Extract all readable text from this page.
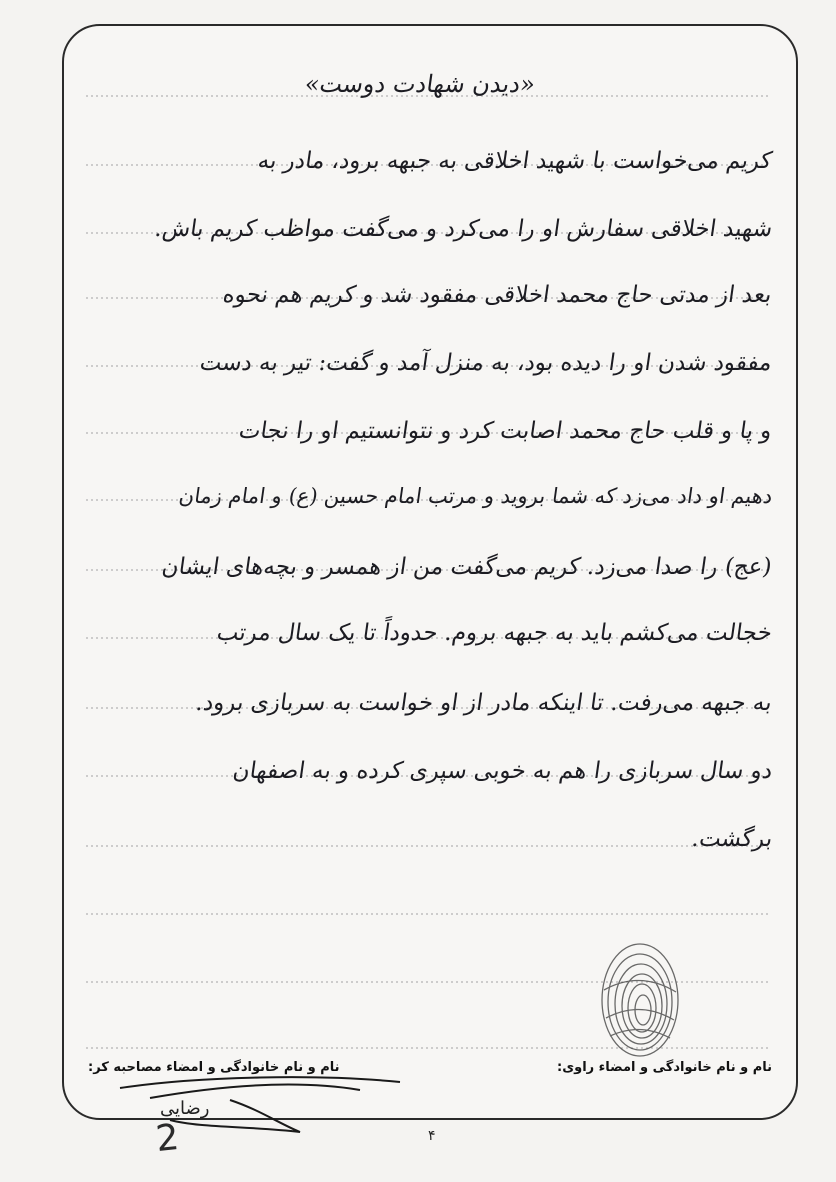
«دیدن شهادت دوست»
کریم می‌خواست با شهید اخلاقی به جبهه برود، مادر به
شهید اخلاقی سفارش او را می‌کرد و می‌گفت مواظب کریم باش.
بعد از مدتی حاج محمد اخلاقی مفقود شد و کریم هم نحوه
مفقود شدن او را دیده بود، به منزل آمد و گفت: تیر به دست
و پا و قلب حاج محمد اصابت کرد و نتوانستیم او را نجات
دهیم او داد می‌زد که شما بروید و مرتب امام حسین (ع) و امام زمان
(عج) را صدا می‌زد. کریم می‌گفت من از همسر و بچه‌های ایشان
خجالت می‌کشم باید به جبهه بروم. حدوداً تا یک سال مرتب
به جبهه می‌رفت. تا اینکه مادر از او خواست به سربازی برود.
دو سال سربازی را هم به خوبی سپری کرده و به اصفهان
برگشت.
نام و نام خانوادگی و امضاء مصاحبه کر:	نام و نام خانوادگی و امضاء راوی:
رضایی
2	۴
